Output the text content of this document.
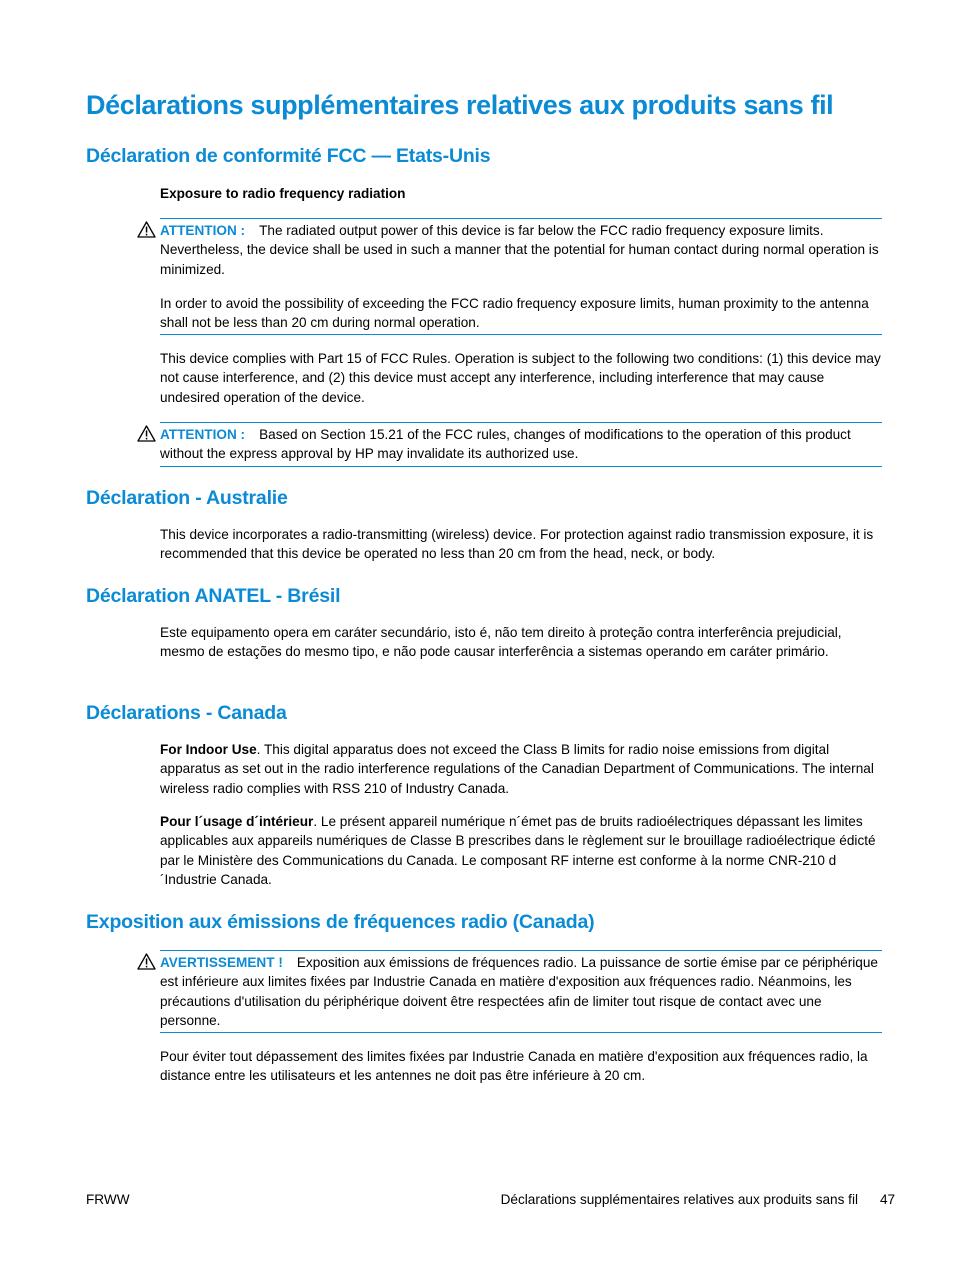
Déclarations supplémentaires relatives aux produits sans fil
Déclaration de conformité FCC — Etats-Unis

Exposure to radio frequency radiation

ATTENTION : The radiated output power of this device is far below the FCC radio frequency exposure limits. Nevertheless, the device shall be used in such a manner that the potential for human contact during normal operation is minimized.

In order to avoid the possibility of exceeding the FCC radio frequency exposure limits, human proximity to the antenna shall not be less than 20 cm during normal operation.

This device complies with Part 15 of FCC Rules. Operation is subject to the following two conditions: (1) this device may not cause interference, and (2) this device must accept any interference, including interference that may cause undesired operation of the device.

ATTENTION : Based on Section 15.21 of the FCC rules, changes of modifications to the operation of this product without the express approval by HP may invalidate its authorized use.

Déclaration - Australie

This device incorporates a radio-transmitting (wireless) device. For protection against radio transmission exposure, it is recommended that this device be operated no less than 20 cm from the head, neck, or body.

Déclaration ANATEL - Brésil

Este equipamento opera em caráter secundário, isto é, não tem direito à proteção contra interferência prejudicial, mesmo de estações do mesmo tipo, e não pode causar interferência a sistemas operando em caráter primário.

Déclarations - Canada

For Indoor Use. This digital apparatus does not exceed the Class B limits for radio noise emissions from digital apparatus as set out in the radio interference regulations of the Canadian Department of Communications. The internal wireless radio complies with RSS 210 of Industry Canada.

Pour l´usage d´intérieur. Le présent appareil numérique n´émet pas de bruits radioélectriques dépassant les limites applicables aux appareils numériques de Classe B prescribes dans le règlement sur le brouillage radioélectrique édicté par le Ministère des Communications du Canada. Le composant RF interne est conforme à la norme CNR-210 d´Industrie Canada.

Exposition aux émissions de fréquences radio (Canada)

AVERTISSEMENT ! Exposition aux émissions de fréquences radio. La puissance de sortie émise par ce périphérique est inférieure aux limites fixées par Industrie Canada en matière d'exposition aux fréquences radio. Néanmoins, les précautions d'utilisation du périphérique doivent être respectées afin de limiter tout risque de contact avec une personne.

Pour éviter tout dépassement des limites fixées par Industrie Canada en matière d'exposition aux fréquences radio, la distance entre les utilisateurs et les antennes ne doit pas être inférieure à 20 cm.

FRWW	Déclarations supplémentaires relatives aux produits sans fil 47
